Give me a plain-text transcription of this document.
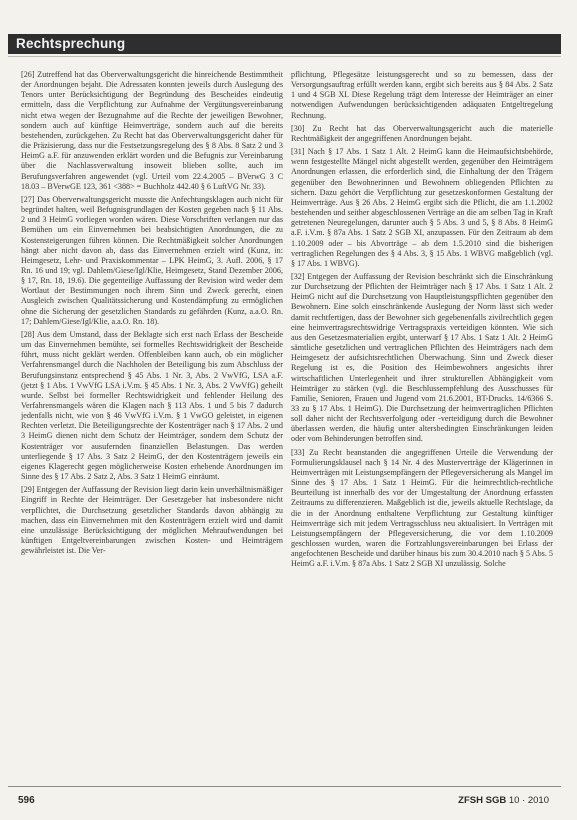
Rechtsprechung

[26] Zutreffend hat das Oberverwaltungsgericht die hinreichende Bestimmtheit der Anordnungen bejaht. Die Adressaten konnten jeweils durch Auslegung des Tenors unter Berücksichtigung der Begründung des Bescheides eindeutig ermitteln, dass die Verpflichtung zur Aufnahme der Vergütungsvereinbarung nicht etwa wegen der Bezugnahme auf die Rechte der jeweiligen Bewohner, sondern auch auf künftige Heimverträge, sondern auch auf die bereits bestehenden, zurückgehen. Zu Recht hat das Oberverwaltungsgericht daher für die Präzisierung, dass nur die Festsetzungsregelung des § 8 Abs. 8 Satz 2 und 3 HeimG a.F. für anzuwenden erklärt worden und die Befugnis zur Vereinbarung über die Nachlassverwaltung insoweit blieben sollte, auch im Berufungsverfahren angewendet (vgl. Urteil vom 22.4.2005 – BVerwG 3 C 18.03 – BVerwGE 123, 361 <388> = Buchholz 442.40 § 6 LuftVG Nr. 33).

[27] Das Oberverwaltungsgericht musste die Anfechtungsklagen auch nicht für begründet halten, weil Befugnisgrundlagen der Kosten gegeben nach § 11 Abs. 2 und 3 HeimG vorliegen worden wären. Diese Vorschriften verlangen nur das Bemühen um ein Einvernehmen bei beabsichtigten Anordnungen, die zu Kostensteigerungen führen können. Die Rechtmäßigkeit solcher Anordnungen hängt aber nicht davon ab, dass das Einvernehmen erzielt wird (Kunz, in: Heimgesetz, Lehr- und Praxiskommentar – LPK HeimG, 3. Aufl. 2006, § 17 Rn. 16 und 19; vgl. Dahlem/Giese/Igl/Klie, Heimgesetz, Stand Dezember 2006, § 17, Rn. 18, 19.6). Die gegenteilige Auffassung der Revision wird weder dem Wortlaut der Bestimmungen noch ihrem Sinn und Zweck gerecht, einen Ausgleich zwischen Qualitätssicherung und Kostendämpfung zu ermöglichen ohne die Sicherung der gesetzlichen Standards zu gefährden (Kunz, a.a.O. Rn. 17; Dahlem/Giese/Igl/Klie, a.a.O. Rn. 18).

[28] Aus dem Umstand, dass der Beklagte sich erst nach Erlass der Bescheide um das Einvernehmen bemühte, sei formelles Rechtswidrigkeit der Bescheide führt, muss nicht geklärt werden. Offenbleiben kann auch, ob ein möglicher Verfahrensmangel durch die Nachholen der Beteiligung bis zum Abschluss der Berufungsinstanz entsprechend § 45 Abs. 1 Nr. 3, Abs. 2 VwVfG, LSA a.F. (jetzt § 1 Abs. 1 VwVfG LSA i.V.m. § 45 Abs. 1 Nr. 3, Abs. 2 VwVfG) geheilt wurde. Selbst bei formeller Rechtswidrigkeit und fehlender Heilung des Verfahrensmangels wären die Klagen nach § 113 Abs. 1 und 5 bis 7 dadurch jedenfalls nicht, wie von § 46 VwVfG i.V.m. § 1 VwGO geleistet, in eigenen Rechten verletzt. Die Beteiligungsrechte der Kostenträger nach § 17 Abs. 2 und 3 HeimG dienen nicht dem Schutz der Heimträger, sondern dem Schutz der Kostenträger vor ausufernden finanziellen Belastungen. Das werden unterliegende § 17 Abs. 3 Satz 2 HeimG, der den Kostenträgern jeweils ein eigenes Klagerecht gegen möglicherweise Kosten erhebende Anordnungen im Sinne des § 17 Abs. 2 Satz 2, Abs. 3 Satz 1 HeimG einräumt.

[29] Entgegen der Auffassung der Revision liegt darin kein unverhältnismäßiger Eingriff in Rechte der Heimträger. Der Gesetzgeber hat insbesondere nicht verpflichtet, die Durchsetzung gesetzlicher Standards davon abhängig zu machen, dass ein Einvernehmen mit den Kostenträgern erzielt wird und damit eine unzulässige Berücksichtigung der möglichen Mehraufwendungen bei künftigen Entgeltvereinbarungen zwischen Kosten- und Heimträgern gewährleistet ist. Die Ver-

pflichtung, Pflegesätze leistungsgerecht und so zu bemessen, dass der Versorgungsauftrag erfüllt werden kann, ergibt sich bereits aus § 84 Abs. 2 Satz 1 und 4 SGB XI. Diese Regelung trägt dem Interesse der Heimträger an einer notwendigen Aufwendungen berücksichtigenden adäquaten Entgeltregelung Rechnung.

[30] Zu Recht hat das Oberverwaltungsgericht auch die materielle Rechtmäßigkeit der angegriffenen Anordnungen bejaht.

[31] Nach § 17 Abs. 1 Satz 1 Alt. 2 HeimG kann die Heimaufsichtsbehörde, wenn festgestellte Mängel nicht abgestellt werden, gegenüber den Heimträgern Anordnungen erlassen, die erforderlich sind, die Einhaltung der den Trägern gegenüber den Bewohnerinnen und Bewohnern obliegenden Pflichten zu sichern. Dazu gehört die Verpflichtung zur gesetzeskonformen Gestaltung der Heimverträge. Aus § 26 Abs. 2 HeimG ergibt sich die Pflicht, die am 1.1.2002 bestehenden und seither abgeschlossenen Verträge an die am selben Tag in Kraft getretenen Neuregelungen, darunter auch § 5 Abs. 3 und 5, § 8 Abs. 8 HeimG a.F. i.V.m. § 87a Abs. 1 Satz 2 SGB XI, anzupassen. Für den Zeitraum ab dem 1.10.2009 oder – bis Abvorträge – ab dem 1.5.2010 sind die bisherigen vertraglichen Regelungen des § 4 Abs. 3, § 15 Abs. 1 WBVG maßgeblich (vgl. § 17 Abs. 1 WBVG).

[32] Entgegen der Auffassung der Revision beschränkt sich die Einschränkung zur Durchsetzung der Pflichten der Heimträger nach § 17 Abs. 1 Satz 1 Alt. 2 HeimG nicht auf die Durchsetzung von Hauptleistungspflichten gegenüber den Bewohnern. Eine solch einschränkende Auslegung der Norm lässt sich weder damit rechtfertigen, dass der Bewohner sich gegebenenfalls zivilrechtlich gegen eine heimvertragsrechtswidrige Vertragspraxis verteidigen könnten. Wie sich aus den Gesetzesmaterialien ergibt, unterwarf § 17 Abs. 1 Satz 1 Alt. 2 HeimG sämtliche gesetzlichen und vertraglichen Pflichten des Heimträgers nach dem Heimgesetz der aufsichtsrechtlichen Überwachung. Sinn und Zweck dieser Regelung ist es, die Position des Heimbewohners angesichts ihrer wirtschaftlichen Unterlegenheit und ihrer strukturellen Abhängigkeit vom Heimträger zu stärken (vgl. die Beschlussempfehlung des Ausschusses für Familie, Senioren, Frauen und Jugend vom 21.6.2001, BT-Drucks. 14/6366 S. 33 zu § 17 Abs. 1 HeimG). Die Durchsetzung der heimvertraglichen Pflichten soll daher nicht der Rechtsverfolgung oder -verteidigung durch die Bewohner überlassen werden, die häufig unter altersbedingten Einschränkungen leiden oder vom Behinderungen betroffen sind.

[33] Zu Recht beanstanden die angegriffenen Urteile die Verwendung der Formulierungsklausel nach § 14 Nr. 4 des Musterverträge der Klägerinnen in Heimverträgen mit Leistungsempfängern der Pflegeversicherung als Mangel im Sinne des § 17 Abs. 1 Satz 1 HeimG. Für die heimrechtlich-rechtliche Beurteilung ist innerhalb des vor der Umgestaltung der Anordnung erfassten Zeitraums zu differenzieren. Maßgeblich ist die, jeweils aktuelle Rechtslage, da die in der Anordnung enthaltene Verpflichtung zur Gestaltung künftiger Heimverträge sich mit jedem Vertragsschluss neu aktualisiert. In Verträgen mit Leistungsempfängern der Pflegeversicherung, die vor dem 1.10.2009 geschlossen wurden, waren die Fortzahlungsvereinbarungen bei Erlass der angefochtenen Bescheide und darüber hinaus bis zum 30.4.2010 nach § 5 Abs. 5 HeimG a.F. i.V.m. § 87a Abs. 1 Satz 2 SGB XI unzulässig. Solche

596	ZFSH SGB 10 · 2010
